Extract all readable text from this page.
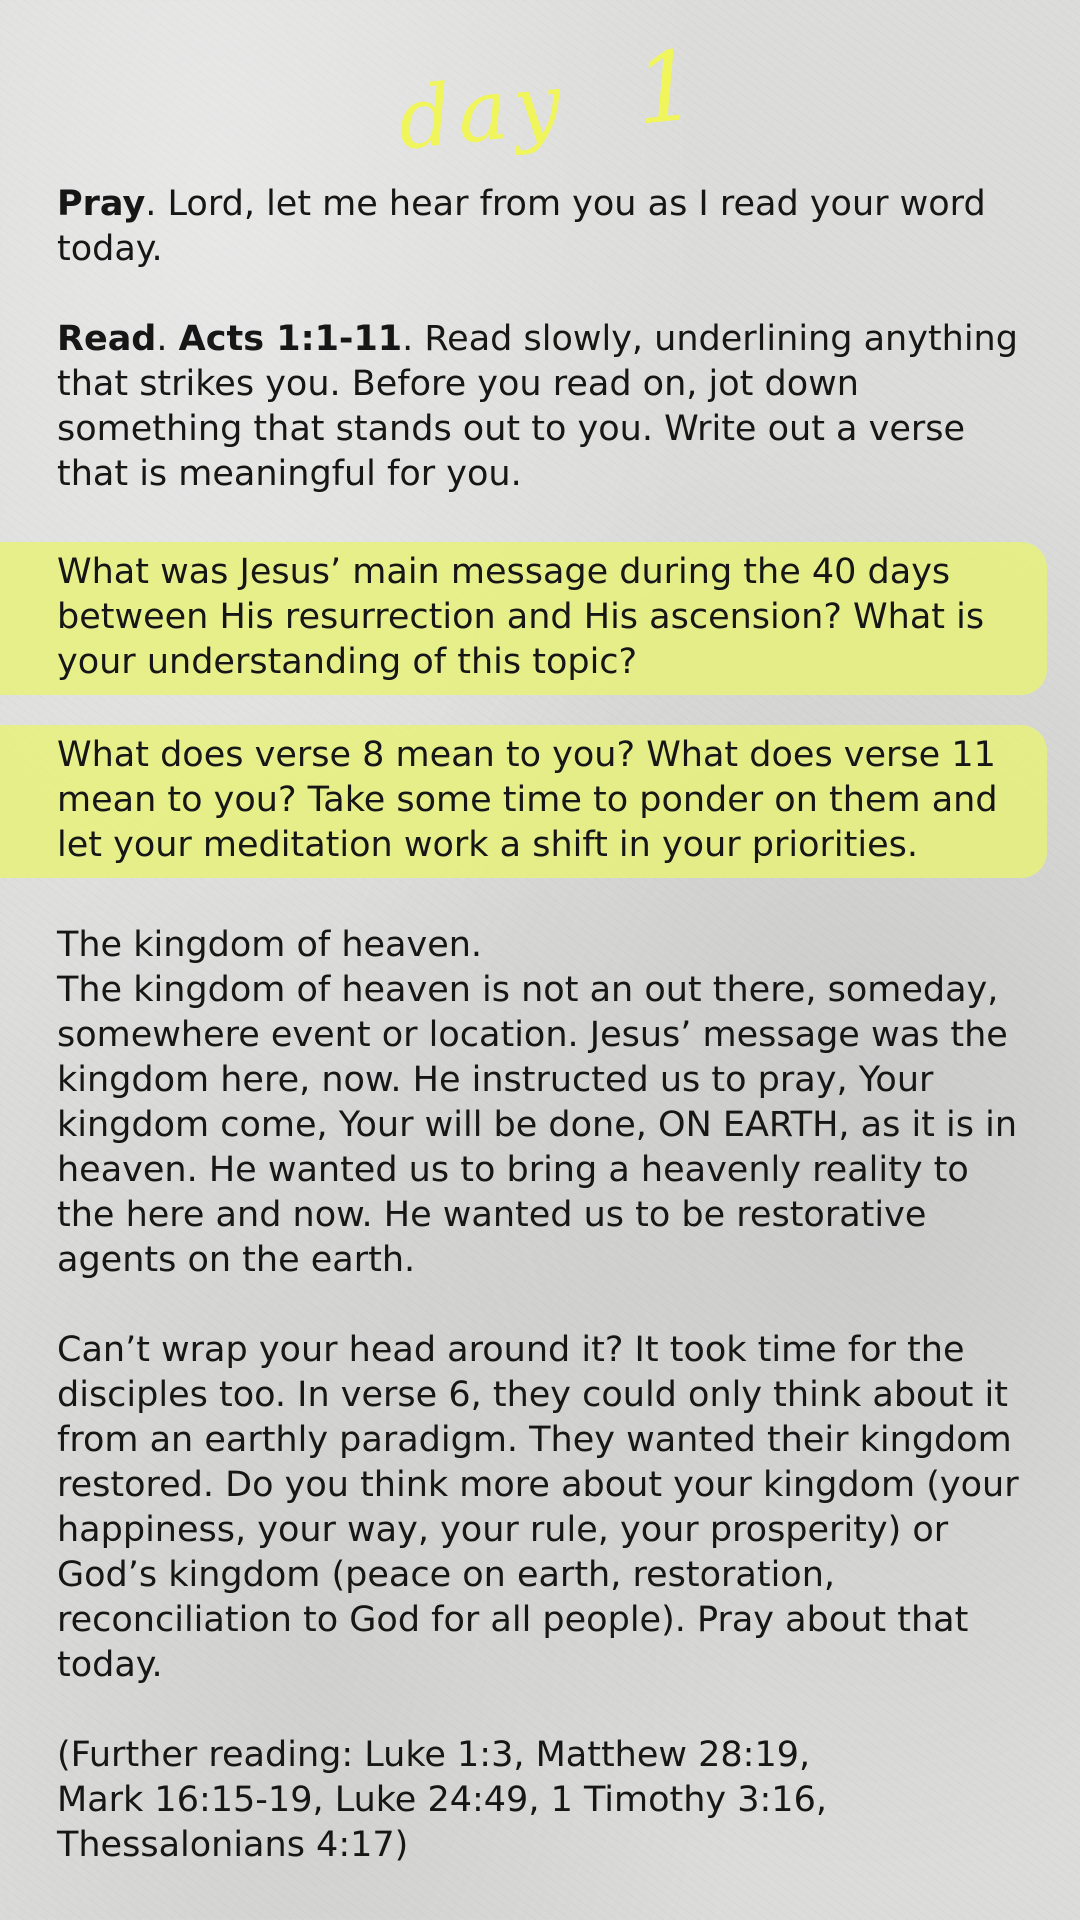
day 1

Pray. Lord, let me hear from you as I read your word today.

Read. Acts 1:1-11. Read slowly, underlining anything that strikes you. Before you read on, jot down something that stands out to you. Write out a verse that is meaningful for you.

What was Jesus’ main message during the 40 days between His resurrection and His ascension? What is your understanding of this topic?

What does verse 8 mean to you? What does verse 11 mean to you? Take some time to ponder on them and let your meditation work a shift in your priorities.

The kingdom of heaven.

The kingdom of heaven is not an out there, someday, somewhere event or location. Jesus’ message was the kingdom here, now. He instructed us to pray, Your kingdom come, Your will be done, ON EARTH, as it is in heaven. He wanted us to bring a heavenly reality to the here and now. He wanted us to be restorative agents on the earth.

Can’t wrap your head around it? It took time for the disciples too. In verse 6, they could only think about it from an earthly paradigm. They wanted their kingdom restored. Do you think more about your kingdom (your happiness, your way, your rule, your prosperity) or God’s kingdom (peace on earth, restoration, reconciliation to God for all people). Pray about that today.

(Further reading: Luke 1:3, Matthew 28:19,
Mark 16:15-19, Luke 24:49, 1 Timothy 3:16,
Thessalonians 4:17)
